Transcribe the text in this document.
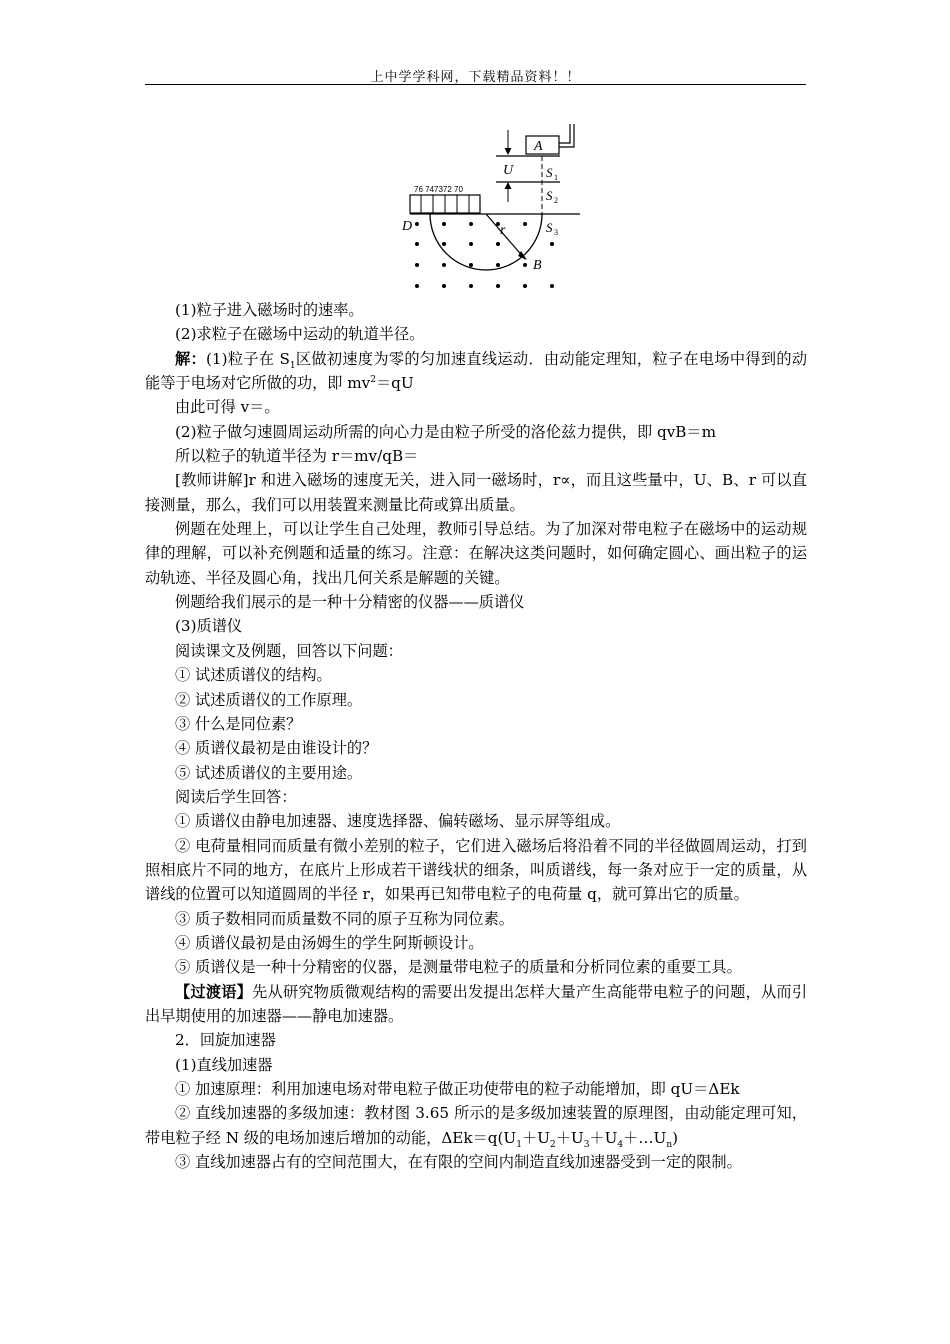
上中学学科网，下载精品资料！！
A
U	S 1
S 2
S 3
76 747372 70
r
D
B

(1)粒子进入磁场时的速率。

(2)求粒子在磁场中运动的轨道半径。

解：(1)粒子在 $S_1$区做初速度为零的匀加速直线运动．由动能定理知，粒子在电场中得到的动能等于电场对它所做的功，即 $mv^2=qU$

由此可得 v＝。

(2)粒子做匀速圆周运动所需的向心力是由粒子所受的洛伦兹力提供，即 qvB＝m

所以粒子的轨道半径为 r＝mv/qB＝

[教师讲解]r 和进入磁场的速度无关，进入同一磁场时，r∝，而且这些量中，U、B、r 可以直接测量，那么，我们可以用装置来测量比荷或算出质量。

例题在处理上，可以让学生自己处理，教师引导总结。为了加深对带电粒子在磁场中的运动规律的理解，可以补充例题和适量的练习。注意：在解决这类问题时，如何确定圆心、画出粒子的运动轨迹、半径及圆心角，找出几何关系是解题的关键。

例题给我们展示的是一种十分精密的仪器——质谱仪

(3)质谱仪

阅读课文及例题，回答以下问题：

① 试述质谱仪的结构。

② 试述质谱仪的工作原理。

③ 什么是同位素？

④ 质谱仪最初是由谁设计的？

⑤ 试述质谱仪的主要用途。

阅读后学生回答：

① 质谱仪由静电加速器、速度选择器、偏转磁场、显示屏等组成。

② 电荷量相同而质量有微小差别的粒子，它们进入磁场后将沿着不同的半径做圆周运动，打到照相底片不同的地方，在底片上形成若干谱线状的细条，叫质谱线，每一条对应于一定的质量，从谱线的位置可以知道圆周的半径 r，如果再已知带电粒子的电荷量 q，就可算出它的质量。

③ 质子数相同而质量数不同的原子互称为同位素。

④ 质谱仪最初是由汤姆生的学生阿斯顿设计。

⑤ 质谱仪是一种十分精密的仪器，是测量带电粒子的质量和分析同位素的重要工具。

【过渡语】先从研究物质微观结构的需要出发提出怎样大量产生高能带电粒子的问题，从而引出早期使用的加速器——静电加速器。

2．回旋加速器

(1)直线加速器

① 加速原理：利用加速电场对带电粒子做正功使带电的粒子动能增加，即 qU＝ΔEk

② 直线加速器的多级加速：教材图 3.65 所示的是多级加速装置的原理图，由动能定理可知，带电粒子经 N 级的电场加速后增加的动能，$\Delta Ek=q(U_1+U_2+U_3+U_4+\dots U_n)$

③ 直线加速器占有的空间范围大，在有限的空间内制造直线加速器受到一定的限制。
